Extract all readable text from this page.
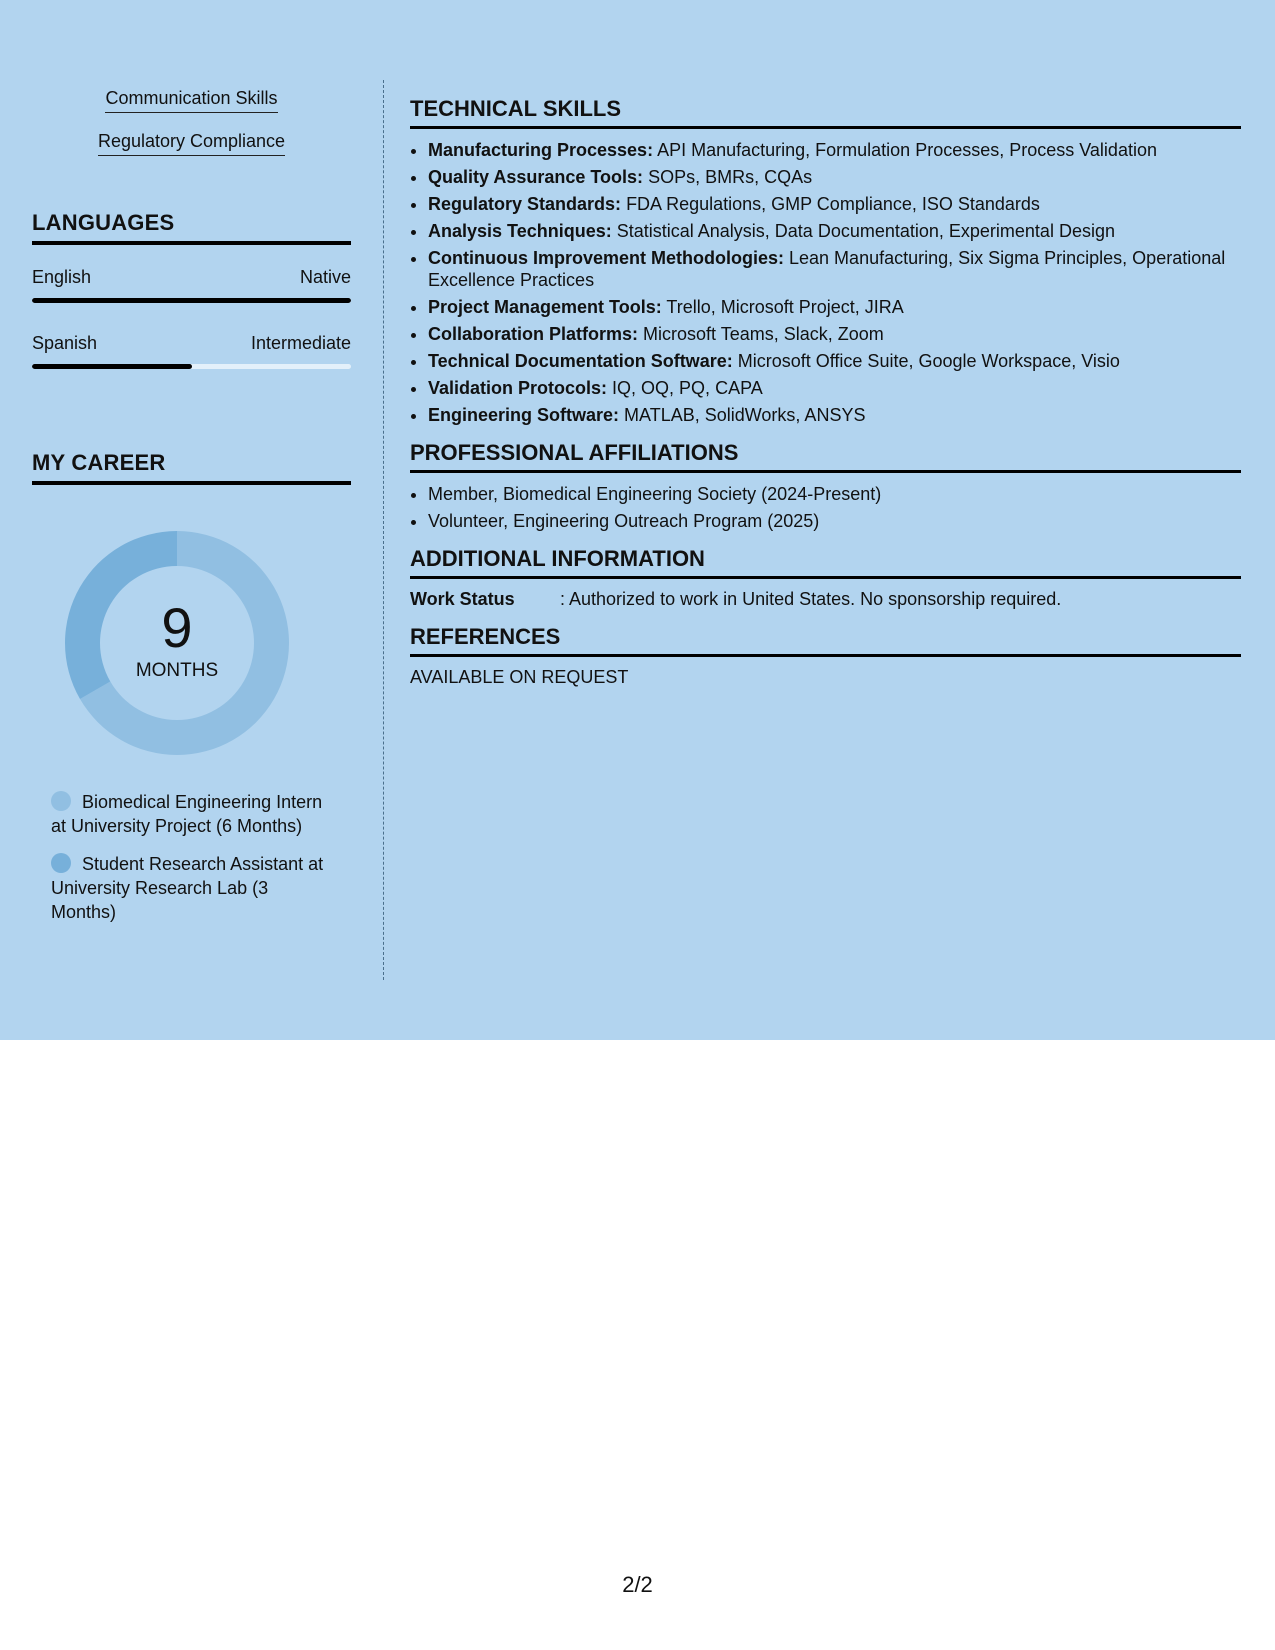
Communication Skills
Regulatory Compliance
LANGUAGES
English	Native
Spanish	Intermediate
MY CAREER
9
MONTHS
Biomedical Engineering Intern at University Project (6 Months)
Student Research Assistant at University Research Lab (3 Months)
TECHNICAL SKILLS
• Manufacturing Processes: API Manufacturing, Formulation Processes, Process Validation
• Quality Assurance Tools: SOPs, BMRs, CQAs
• Regulatory Standards: FDA Regulations, GMP Compliance, ISO Standards
• Analysis Techniques: Statistical Analysis, Data Documentation, Experimental Design
• Continuous Improvement Methodologies: Lean Manufacturing, Six Sigma Principles, Operational Excellence Practices
• Project Management Tools: Trello, Microsoft Project, JIRA
• Collaboration Platforms: Microsoft Teams, Slack, Zoom
• Technical Documentation Software: Microsoft Office Suite, Google Workspace, Visio
• Validation Protocols: IQ, OQ, PQ, CAPA
• Engineering Software: MATLAB, SolidWorks, ANSYS
PROFESSIONAL AFFILIATIONS
• Member, Biomedical Engineering Society (2024-Present)
• Volunteer, Engineering Outreach Program (2025)
ADDITIONAL INFORMATION
Work Status	: Authorized to work in United States. No sponsorship required.
REFERENCES
AVAILABLE ON REQUEST
2/2
